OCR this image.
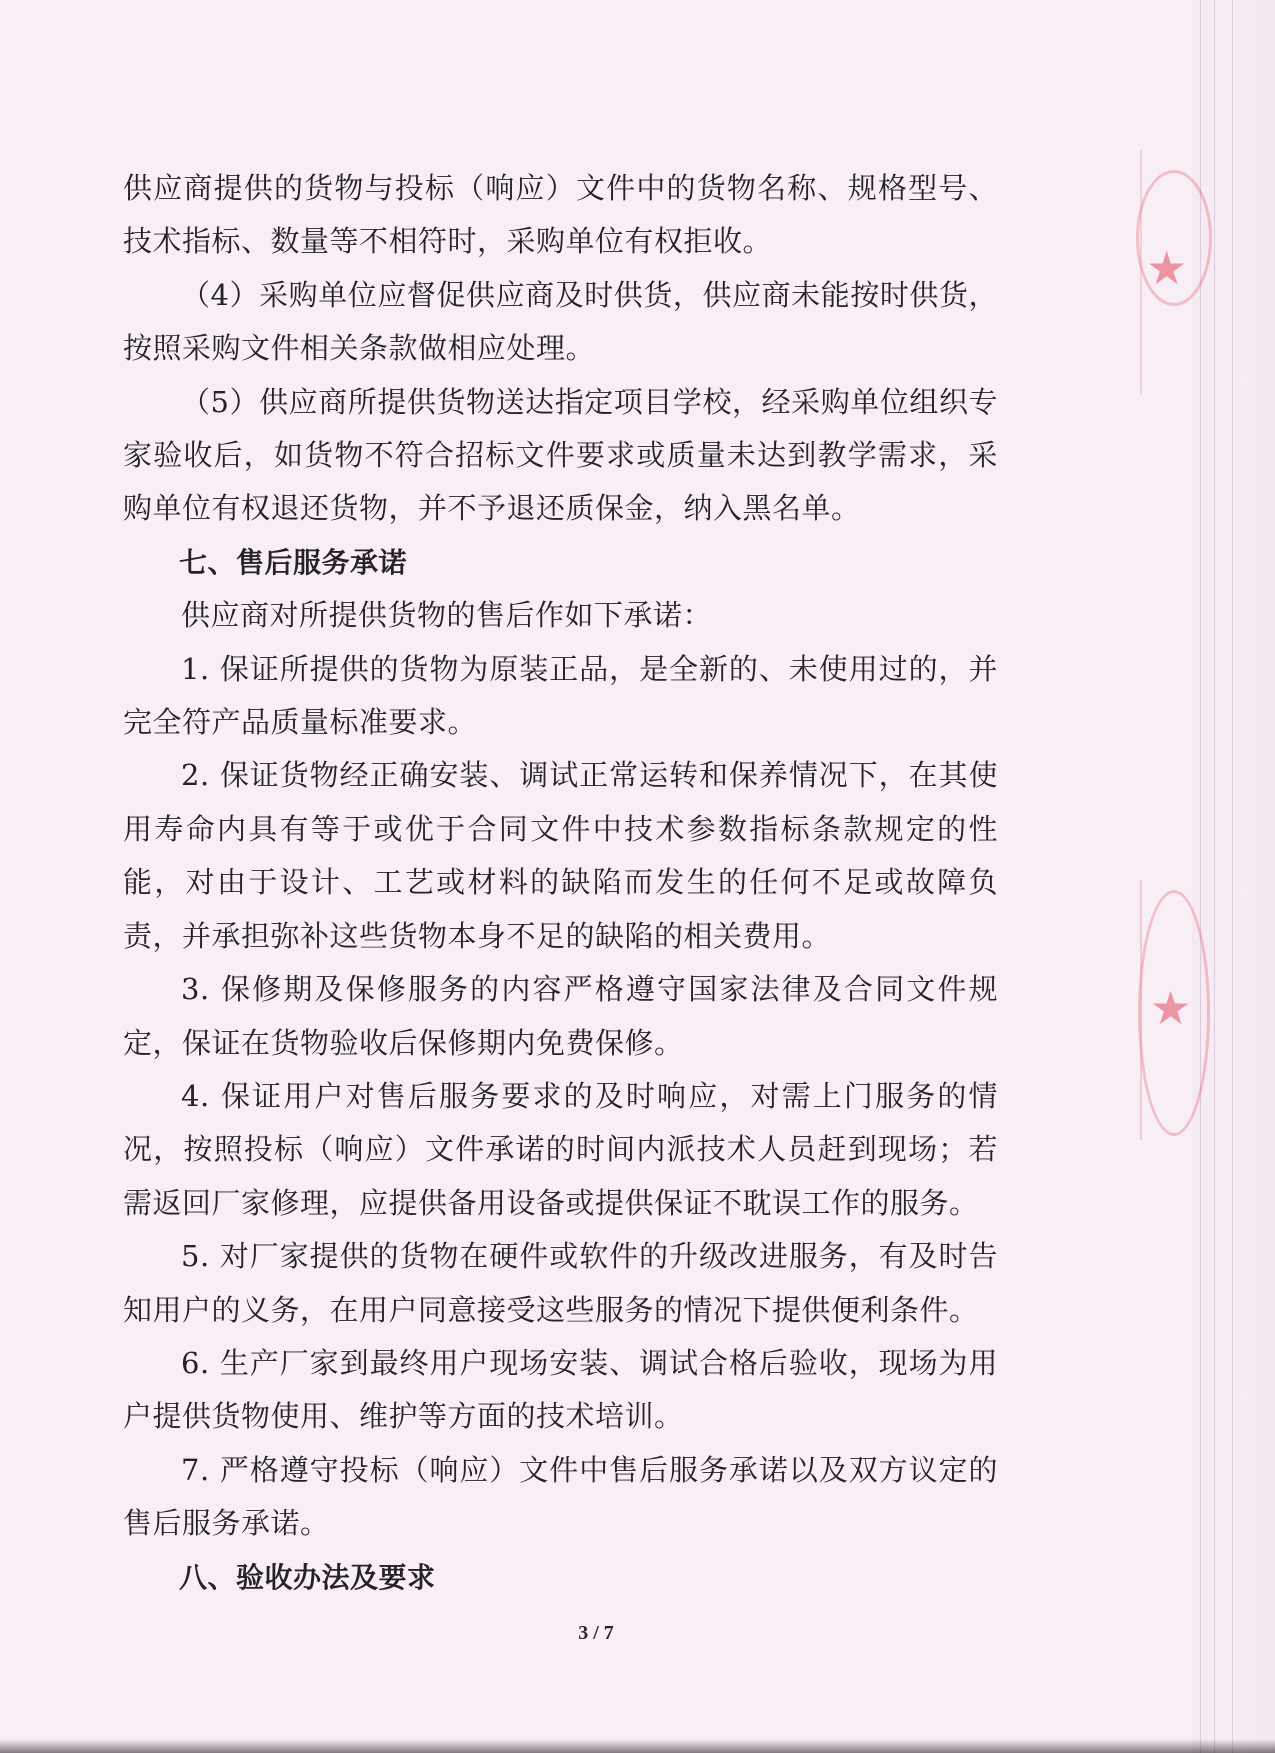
★
★

供应商提供的货物与投标（响应）文件中的货物名称、规格型号、技术指标、数量等不相符时，采购单位有权拒收。

（4）采购单位应督促供应商及时供货，供应商未能按时供货，按照采购文件相关条款做相应处理。

（5）供应商所提供货物送达指定项目学校，经采购单位组织专家验收后，如货物不符合招标文件要求或质量未达到教学需求，采购单位有权退还货物，并不予退还质保金，纳入黑名单。

七、售后服务承诺

供应商对所提供货物的售后作如下承诺：

1. 保证所提供的货物为原装正品，是全新的、未使用过的，并完全符产品质量标准要求。

2. 保证货物经正确安装、调试正常运转和保养情况下，在其使用寿命内具有等于或优于合同文件中技术参数指标条款规定的性能，对由于设计、工艺或材料的缺陷而发生的任何不足或故障负责，并承担弥补这些货物本身不足的缺陷的相关费用。

3. 保修期及保修服务的内容严格遵守国家法律及合同文件规定，保证在货物验收后保修期内免费保修。

4. 保证用户对售后服务要求的及时响应，对需上门服务的情况，按照投标（响应）文件承诺的时间内派技术人员赶到现场；若需返回厂家修理，应提供备用设备或提供保证不耽误工作的服务。

5. 对厂家提供的货物在硬件或软件的升级改进服务，有及时告知用户的义务，在用户同意接受这些服务的情况下提供便利条件。

6. 生产厂家到最终用户现场安装、调试合格后验收，现场为用户提供货物使用、维护等方面的技术培训。

7. 严格遵守投标（响应）文件中售后服务承诺以及双方议定的售后服务承诺。

八、验收办法及要求

3 / 7
